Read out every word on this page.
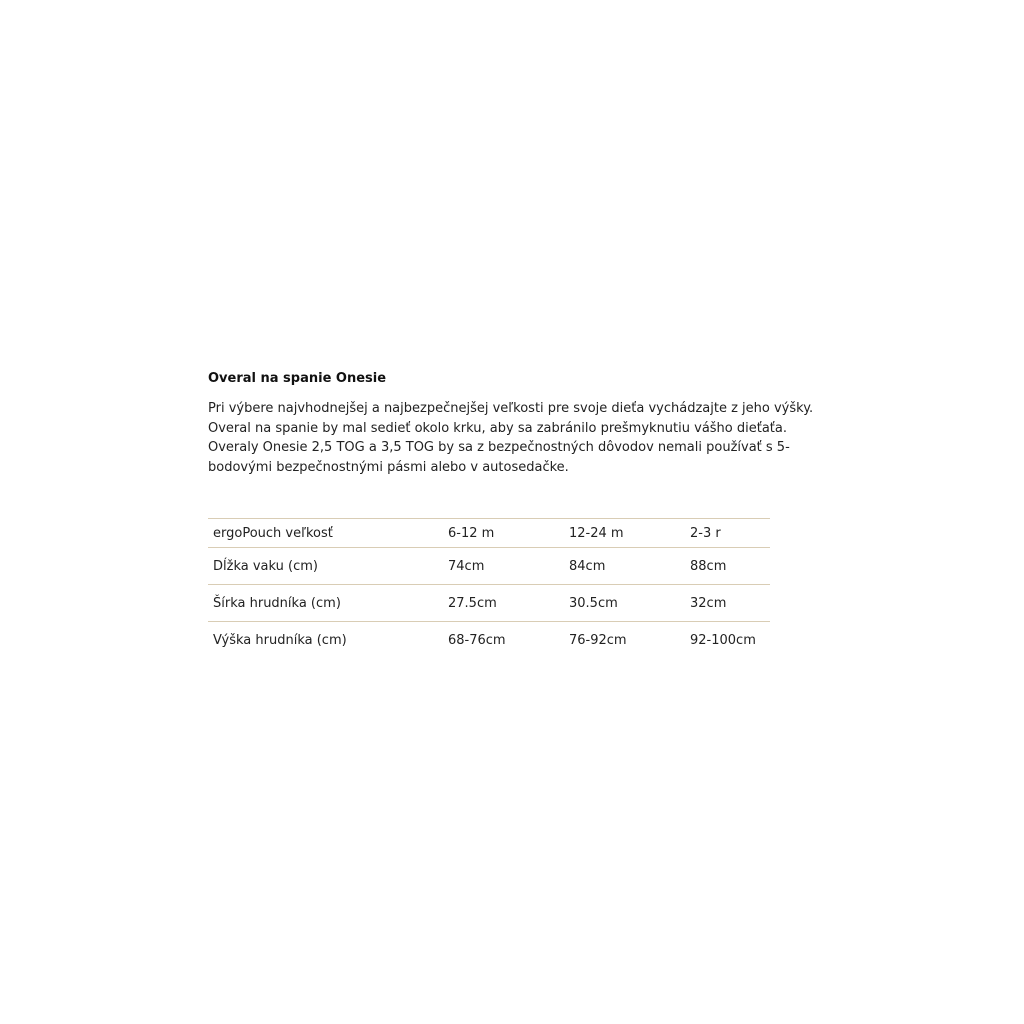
Overal na spanie Onesie

Pri výbere najvhodnejšej a najbezpečnejšej veľkosti pre svoje dieťa vychádzajte z jeho výšky. Overal na spanie by mal sedieť okolo krku, aby sa zabránilo prešmyknutiu vášho dieťaťa. Overaly Onesie 2,5 TOG a 3,5 TOG by sa z bezpečnostných dôvodov nemali používať s 5-bodovými bezpečnostnými pásmi alebo v autosedačke.

ergoPouch veľkosť	6-12 m	12-24 m	2-3 r
Dĺžka vaku (cm)	74cm	84cm	88cm
Šírka hrudníka (cm)	27.5cm	30.5cm	32cm
Výška hrudníka (cm)	68-76cm	76-92cm	92-100cm
